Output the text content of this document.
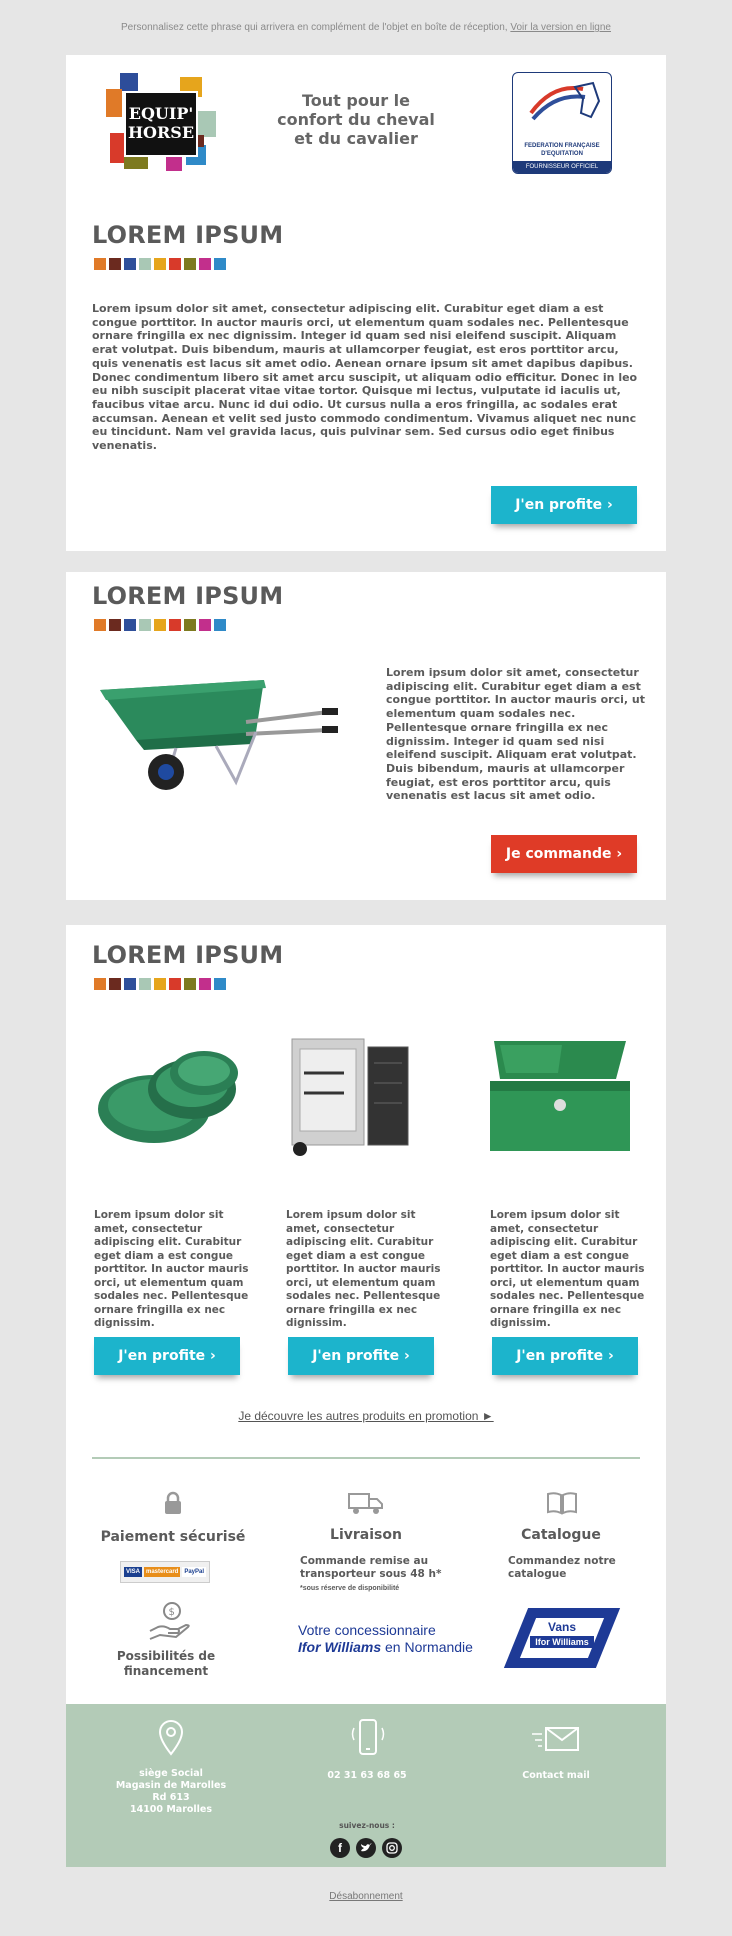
Personnalisez cette phrase qui arrivera en complément de l'objet en boîte de réception, Voir la version en ligne
EQUIP'
HORSE
Tout pour le
confort du cheval
et du cavalier	FEDERATION FRANÇAISE
D'EQUITATION
FOURNISSEUR OFFICIEL
LOREM IPSUM
Lorem ipsum dolor sit amet, consectetur adipiscing elit. Curabitur eget diam a est congue porttitor. In auctor mauris orci, ut elementum quam sodales nec. Pellentesque ornare fringilla ex nec dignissim. Integer id quam sed nisi eleifend suscipit. Aliquam erat volutpat. Duis bibendum, mauris at ullamcorper feugiat, est eros porttitor arcu, quis venenatis est lacus sit amet odio. Aenean ornare ipsum sit amet dapibus dapibus. Donec condimentum libero sit amet arcu suscipit, ut aliquam odio efficitur. Donec in leo eu nibh suscipit placerat vitae vitae tortor. Quisque mi lectus, vulputate id iaculis ut, faucibus vitae arcu. Nunc id dui odio. Ut cursus nulla a eros fringilla, ac sodales erat accumsan. Aenean et velit sed justo commodo condimentum. Vivamus aliquet nec nunc eu tincidunt. Nam vel gravida lacus, quis pulvinar sem. Sed cursus odio eget finibus venenatis.
J'en profite ›
LOREM IPSUM
Lorem ipsum dolor sit amet, consectetur adipiscing elit. Curabitur eget diam a est congue porttitor. In auctor mauris orci, ut elementum quam sodales nec. Pellentesque ornare fringilla ex nec dignissim. Integer id quam sed nisi eleifend suscipit. Aliquam erat volutpat. Duis bibendum, mauris at ullamcorper feugiat, est eros porttitor arcu, quis venenatis est lacus sit amet odio.
Je commande ›
LOREM IPSUM
Lorem ipsum dolor sit amet, consectetur adipiscing elit. Curabitur eget diam a est congue porttitor. In auctor mauris orci, ut elementum quam sodales nec. Pellentesque ornare fringilla ex nec dignissim.
Lorem ipsum dolor sit amet, consectetur adipiscing elit. Curabitur eget diam a est congue porttitor. In auctor mauris orci, ut elementum quam sodales nec. Pellentesque ornare fringilla ex nec dignissim.
Lorem ipsum dolor sit amet, consectetur adipiscing elit. Curabitur eget diam a est congue porttitor. In auctor mauris orci, ut elementum quam sodales nec. Pellentesque ornare fringilla ex nec dignissim.
J'en profite ›	J'en profite ›	J'en profite ›
Je découvre les autres produits en promotion ►
Paiement sécurisé
VISA	mastercard	PayPal
Livraison
Commande remise au transporteur sous 48 h*
*sous réserve de disponibilité
Catalogue
Commandez notre catalogue
$
Possibilités de financement
Votre concessionnaire
Ifor Williams en Normandie
Vans
Ifor Williams
siège Social
Magasin de Marolles
Rd 613
14100 Marolles
02 31 63 68 65	Contact mail
suivez-nous :
f
Désabonnement
